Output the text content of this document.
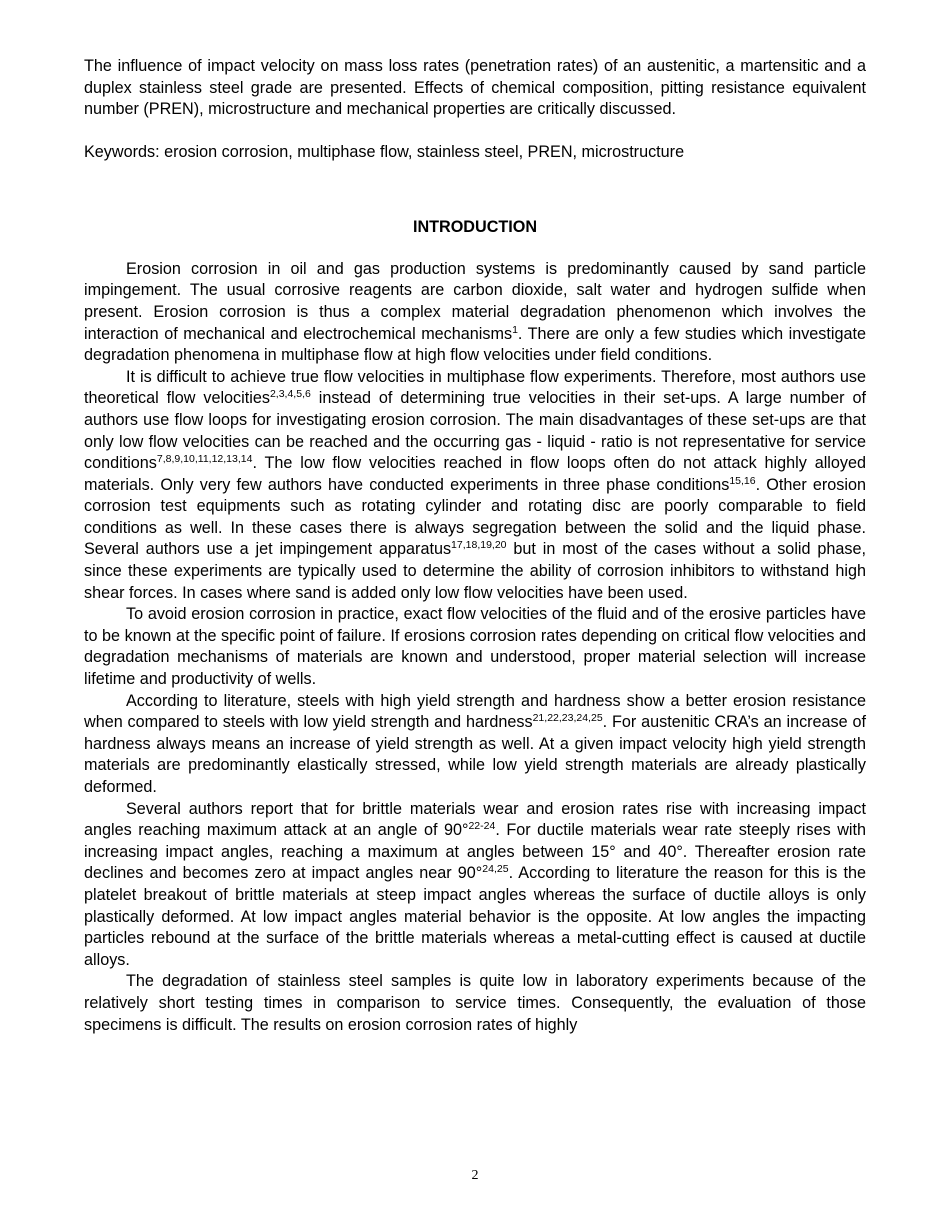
The influence of impact velocity on mass loss rates (penetration rates) of an austenitic, a martensitic and a duplex stainless steel grade are presented. Effects of chemical composition, pitting resistance equivalent number (PREN), microstructure and mechanical properties are critically discussed.

Keywords: erosion corrosion, multiphase flow, stainless steel, PREN, microstructure

INTRODUCTION

Erosion corrosion in oil and gas production systems is predominantly caused by sand particle impingement. The usual corrosive reagents are carbon dioxide, salt water and hydrogen sulfide when present. Erosion corrosion is thus a complex material degradation phenomenon which involves the interaction of mechanical and electrochemical mechanisms$^1$. There are only a few studies which investigate degradation phenomena in multiphase flow at high flow velocities under field conditions.

It is difficult to achieve true flow velocities in multiphase flow experiments. Therefore, most authors use theoretical flow velocities$^{2,3,4,5,6}$ instead of determining true velocities in their set-ups. A large number of authors use flow loops for investigating erosion corrosion. The main disadvantages of these set-ups are that only low flow velocities can be reached and the occurring gas - liquid - ratio is not representative for service conditions$^{7,8,9,10,11,12,13,14}$. The low flow velocities reached in flow loops often do not attack highly alloyed materials. Only very few authors have conducted experiments in three phase conditions$^{15,16}$. Other erosion corrosion test equipments such as rotating cylinder and rotating disc are poorly comparable to field conditions as well. In these cases there is always segregation between the solid and the liquid phase. Several authors use a jet impingement apparatus$^{17,18,19,20}$ but in most of the cases without a solid phase, since these experiments are typically used to determine the ability of corrosion inhibitors to withstand high shear forces. In cases where sand is added only low flow velocities have been used.

To avoid erosion corrosion in practice, exact flow velocities of the fluid and of the erosive particles have to be known at the specific point of failure. If erosions corrosion rates depending on critical flow velocities and degradation mechanisms of materials are known and understood, proper material selection will increase lifetime and productivity of wells.

According to literature, steels with high yield strength and hardness show a better erosion resistance when compared to steels with low yield strength and hardness$^{21,22,23,24,25}$. For austenitic CRA’s an increase of hardness always means an increase of yield strength as well. At a given impact velocity high yield strength materials are predominantly elastically stressed, while low yield strength materials are already plastically deformed.

Several authors report that for brittle materials wear and erosion rates rise with increasing impact angles reaching maximum attack at an angle of 90°$^{22-24}$. For ductile materials wear rate steeply rises with increasing impact angles, reaching a maximum at angles between 15° and 40°. Thereafter erosion rate declines and becomes zero at impact angles near 90°$^{24,25}$. According to literature the reason for this is the platelet breakout of brittle materials at steep impact angles whereas the surface of ductile alloys is only plastically deformed. At low impact angles material behavior is the opposite. At low angles the impacting particles rebound at the surface of the brittle materials whereas a metal-cutting effect is caused at ductile alloys.

The degradation of stainless steel samples is quite low in laboratory experiments because of the relatively short testing times in comparison to service times. Consequently, the evaluation of those specimens is difficult. The results on erosion corrosion rates of highly

2
